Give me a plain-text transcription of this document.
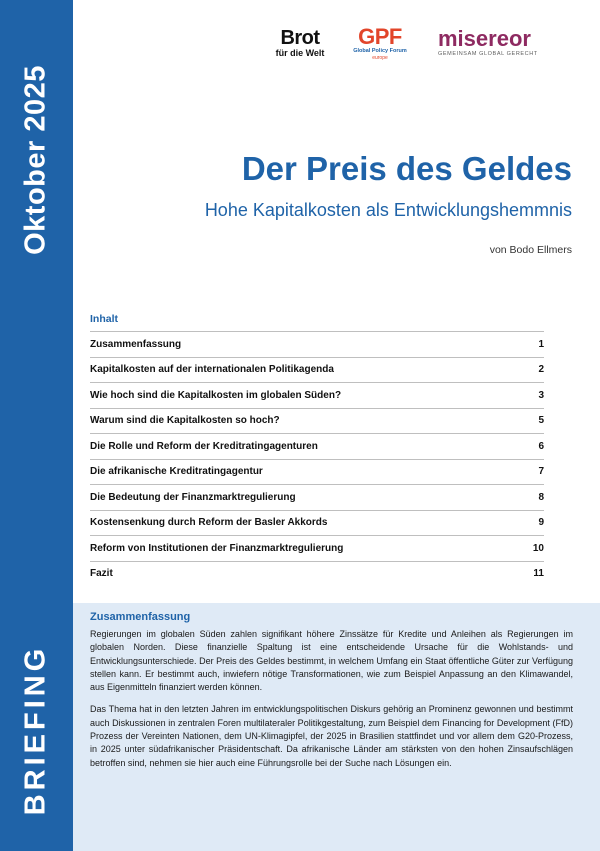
Oktober 2025
BRIEFING
Brot
für die Welt
GPF
Global Policy Forum
europe
misereor
GEMEINSAM GLOBAL GERECHT
Der Preis des Geldes
Hohe Kapitalkosten als Entwicklungshemmnis
von Bodo Ellmers
Inhalt
Zusammenfassung	1
Kapitalkosten auf der internationalen Politikagenda	2
Wie hoch sind die Kapitalkosten im globalen Süden?	3
Warum sind die Kapitalkosten so hoch?	5
Die Rolle und Reform der Kreditratingagenturen	6
Die afrikanische Kreditratingagentur	7
Die Bedeutung der Finanzmarktregulierung	8
Kostensenkung durch Reform der Basler Akkords	9
Reform von Institutionen der Finanzmarktregulierung	10
Fazit	11
Zusammenfassung

Regierungen im globalen Süden zahlen signifikant höhere Zinssätze für Kredite und Anleihen als Regierungen im globalen Norden. Diese finanzielle Spaltung ist eine entscheidende Ursache für die Wohlstands- und Entwicklungsunterschiede. Der Preis des Geldes bestimmt, in welchem Umfang ein Staat öffentliche Güter zur Verfügung stellen kann. Er bestimmt auch, inwiefern nötige Transformationen, wie zum Beispiel Anpassung an den Klimawandel, aus Eigenmitteln finanziert werden können.

Das Thema hat in den letzten Jahren im entwicklungspolitischen Diskurs gehörig an Prominenz gewonnen und bestimmt auch Diskussionen in zentralen Foren multilateraler Politikgestaltung, zum Beispiel dem Financing for Development (FfD) Prozess der Vereinten Nationen, dem UN-Klimagipfel, der 2025 in Brasilien stattfindet und vor allem dem G20-Prozess, in 2025 unter südafrikanischer Präsidentschaft. Da afrikanische Länder am stärksten von den hohen Zinsaufschlägen betroffen sind, nehmen sie hier auch eine Führungsrolle bei der Suche nach Lösungen ein.
